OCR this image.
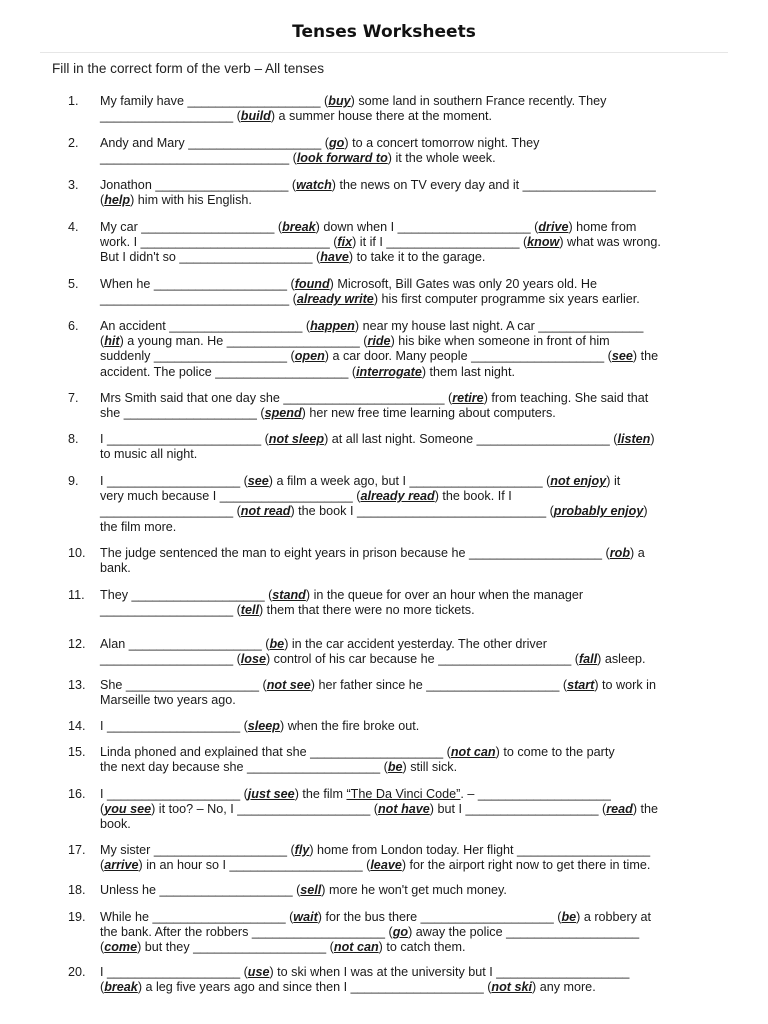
Tenses Worksheets
Fill in the correct form of the verb – All tenses
1.	My family have ___________________ (buy) some land in southern France recently. They
___________________ (build) a summer house there at the moment.
2.	Andy and Mary ___________________ (go) to a concert tomorrow night. They
___________________________ (look forward to) it the whole week.
3.	Jonathon ___________________ (watch) the news on TV every day and it ___________________
(help) him with his English.
4.	My car ___________________ (break) down when I ___________________ (drive) home from
work. I ___________________________ (fix) it if I ___________________ (know) what was wrong.
But I didn't so ___________________ (have) to take it to the garage.
5.	When he ___________________ (found) Microsoft, Bill Gates was only 20 years old. He
___________________________ (already write) his first computer programme six years earlier.
6.	An accident ___________________ (happen) near my house last night. A car _______________
(hit) a young man. He ___________________ (ride) his bike when someone in front of him
suddenly ___________________ (open) a car door. Many people ___________________ (see) the
accident. The police ___________________ (interrogate) them last night.
7.	Mrs Smith said that one day she _______________________ (retire) from teaching. She said that
she ___________________ (spend) her new free time learning about computers.
8.	I ______________________ (not sleep) at all last night. Someone ___________________ (listen)
to music all night.
9.	I ___________________ (see) a film a week ago, but I ___________________ (not enjoy) it
very much because I ___________________ (already read) the book. If I
___________________ (not read) the book I ___________________________ (probably enjoy)
the film more.
10.	The judge sentenced the man to eight years in prison because he ___________________ (rob) a
bank.
11.	They ___________________ (stand) in the queue for over an hour when the manager
___________________ (tell) them that there were no more tickets.
12.	Alan ___________________ (be) in the car accident yesterday. The other driver
___________________ (lose) control of his car because he ___________________ (fall) asleep.
13.	She ___________________ (not see) her father since he ___________________ (start) to work in
Marseille two years ago.
14.	I ___________________ (sleep) when the fire broke out.
15.	Linda phoned and explained that she ___________________ (not can) to come to the party
the next day because she ___________________ (be) still sick.
16.	I ___________________ (just see) the film “The Da Vinci Code”. – ___________________
(you see) it too? – No, I ___________________ (not have) but I ___________________ (read) the
book.
17.	My sister ___________________ (fly) home from London today. Her flight ___________________
(arrive) in an hour so I ___________________ (leave) for the airport right now to get there in time.
18.	Unless he ___________________ (sell) more he won't get much money.
19.	While he ___________________ (wait) for the bus there ___________________ (be) a robbery at
the bank. After the robbers ___________________ (go) away the police ___________________
(come) but they ___________________ (not can) to catch them.
20.	I ___________________ (use) to ski when I was at the university but I ___________________
(break) a leg five years ago and since then I ___________________ (not ski) any more.
